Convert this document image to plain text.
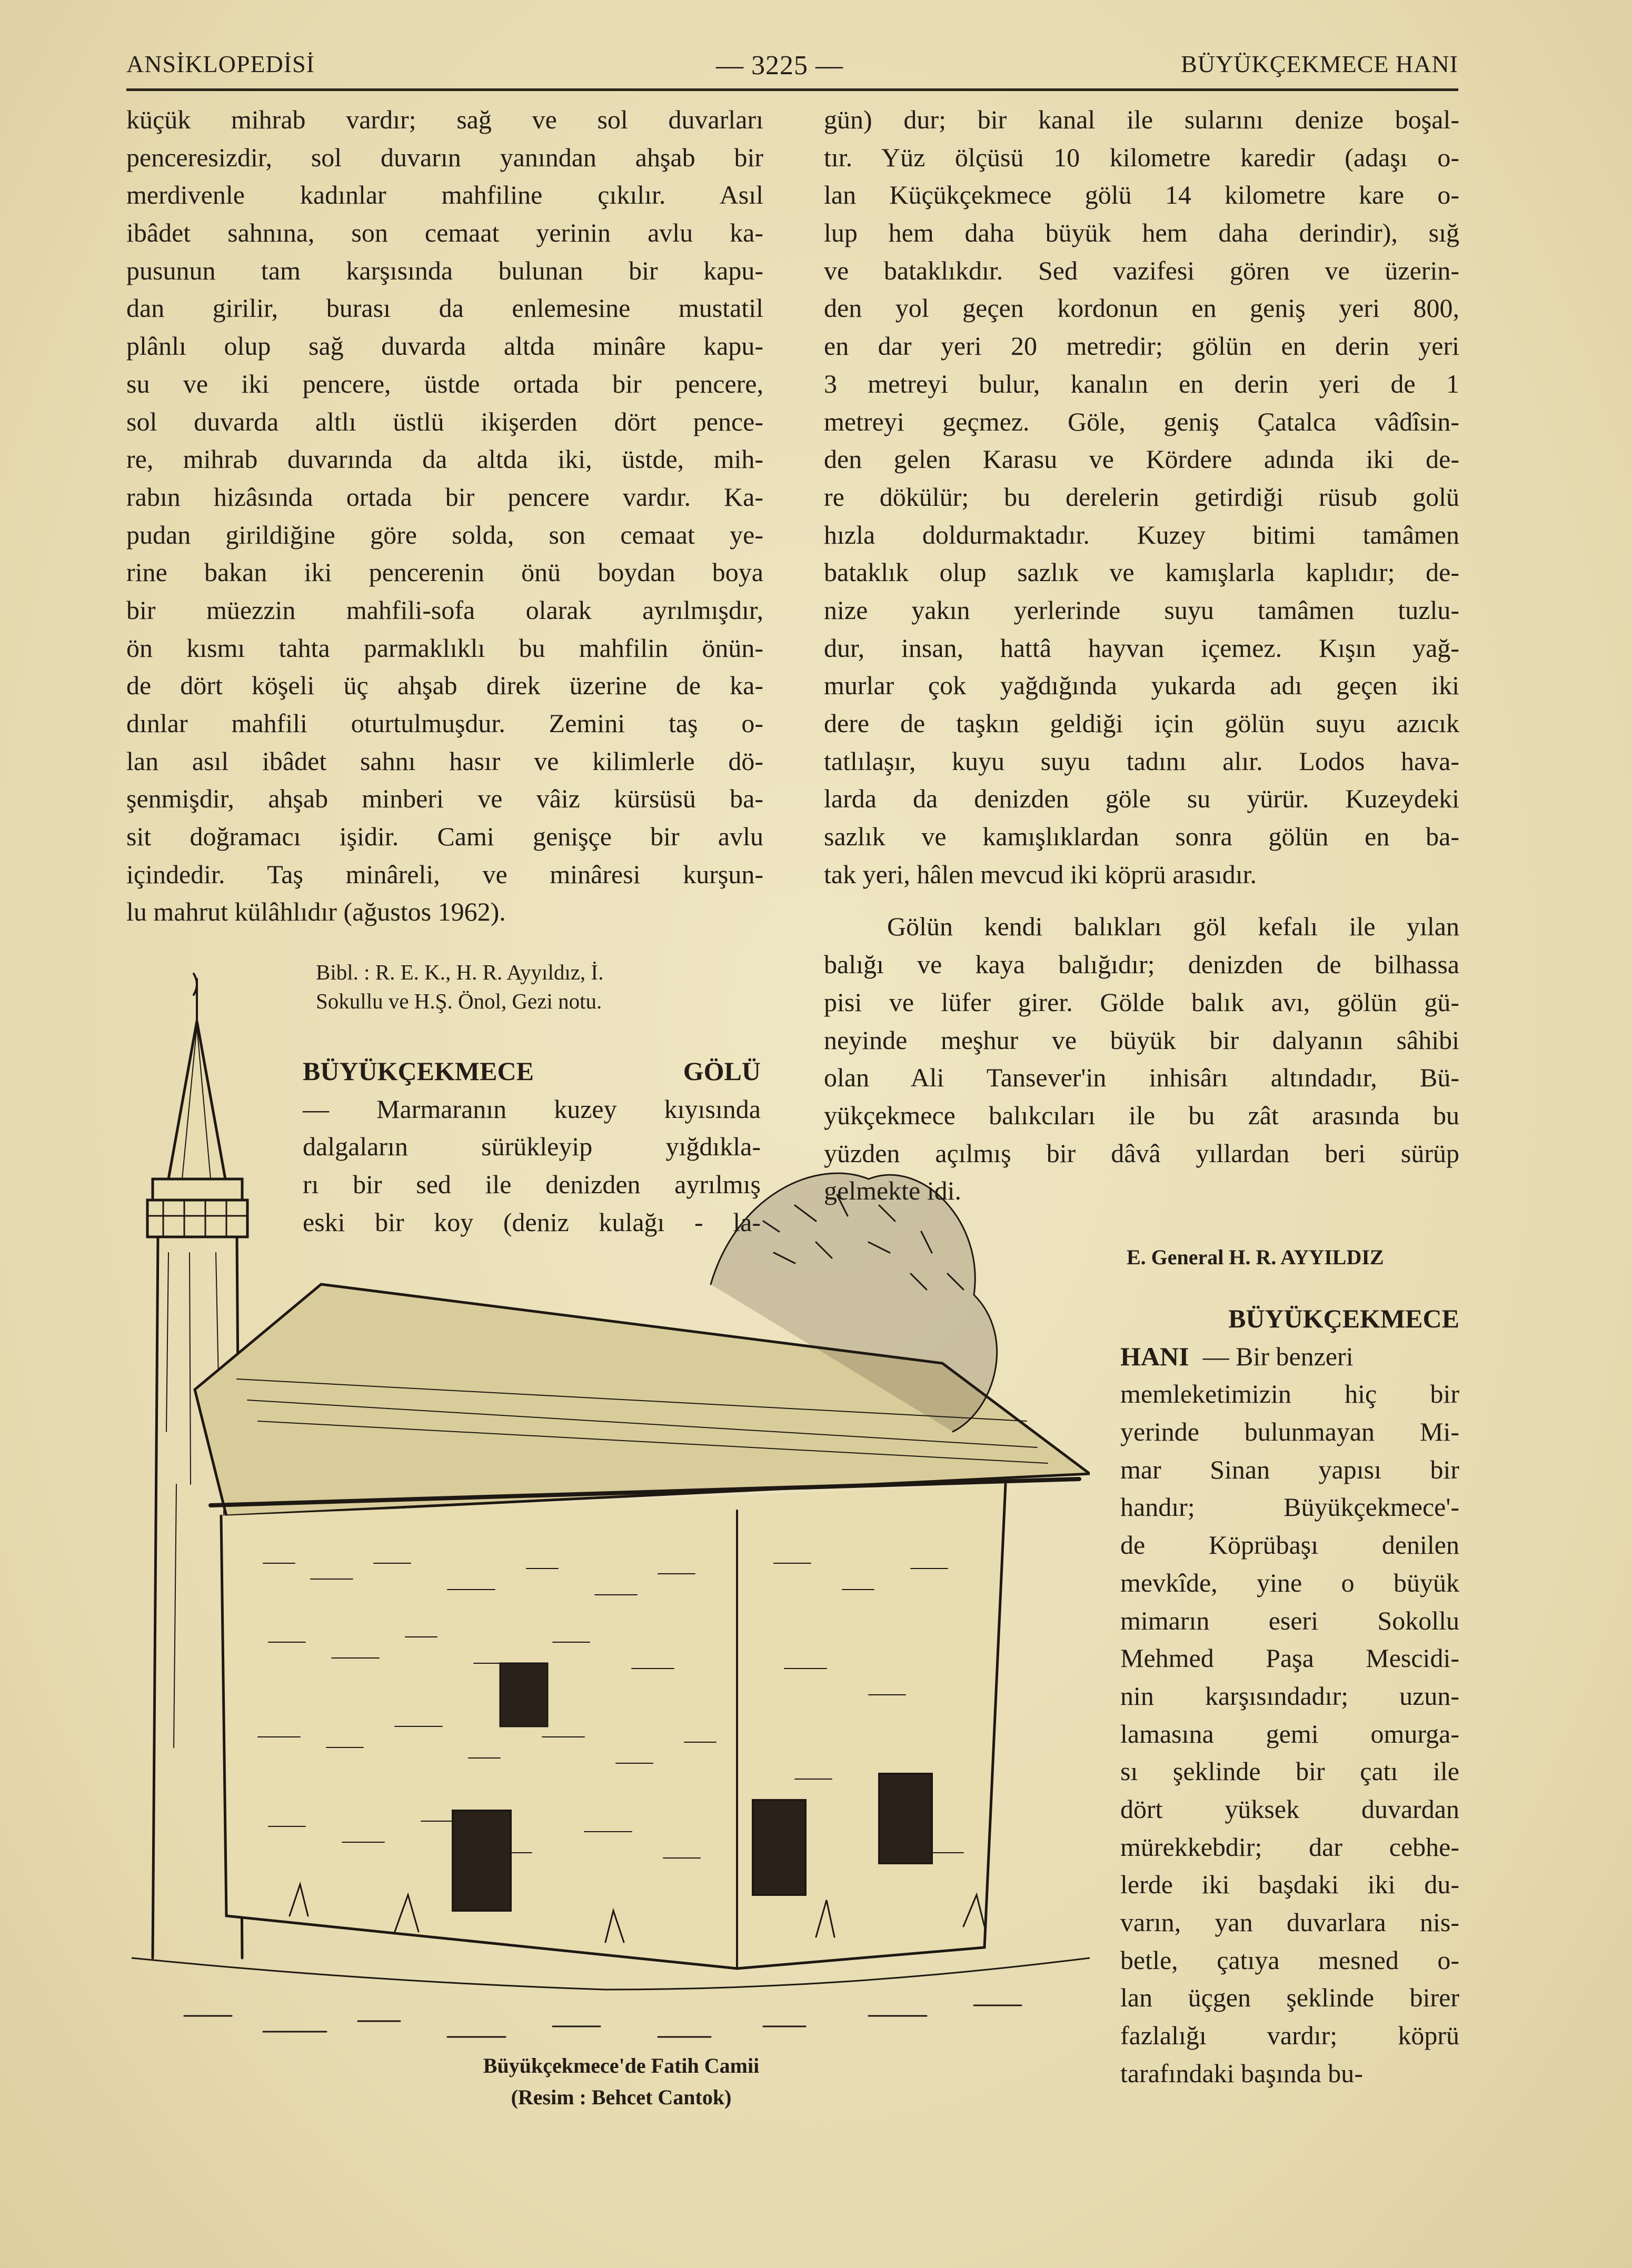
ANSİKLOPEDİSİ	— 3225 —	BÜYÜKÇEKMECE HANI
küçük mihrab vardır; sağ ve sol duvarları
penceresizdir, sol duvarın yanından ahşab bir
merdivenle kadınlar mahfiline çıkılır. Asıl
ibâdet sahnına, son cemaat yerinin avlu ka-
pusunun tam karşısında bulunan bir kapu-
dan girilir, burası da enlemesine mustatil
plânlı olup sağ duvarda altda minâre kapu-
su ve iki pencere, üstde ortada bir pencere,
sol duvarda altlı üstlü ikişerden dört pence-
re, mihrab duvarında da altda iki, üstde, mih-
rabın hizâsında ortada bir pencere vardır. Ka-
pudan girildiğine göre solda, son cemaat ye-
rine bakan iki pencerenin önü boydan boya
bir müezzin mahfili-sofa olarak ayrılmışdır,
ön kısmı tahta parmaklıklı bu mahfilin önün-
de dört köşeli üç ahşab direk üzerine de ka-
dınlar mahfili oturtulmuşdur. Zemini taş o-
lan asıl ibâdet sahnı hasır ve kilimlerle dö-
şenmişdir, ahşab minberi ve vâiz kürsüsü ba-
sit doğramacı işidir. Cami genişçe bir avlu
içindedir. Taş minâreli, ve minâresi kurşun-
lu mahrut külâhlıdır (ağustos 1962).
Bibl. : R. E. K., H. R. Ayyıldız, İ.
Sokullu ve H.Ş. Önol, Gezi notu.
BÜYÜKÇEKMECE GÖLÜ
— Marmaranın kuzey kıyısında
dalgaların sürükleyip yığdıkla-
rı bir sed ile denizden ayrılmış
eski bir koy (deniz kulağı - la-
gün) dur; bir kanal ile sularını denize boşal-
tır. Yüz ölçüsü 10 kilometre karedir (adaşı o-
lan Küçükçekmece gölü 14 kilometre kare o-
lup hem daha büyük hem daha derindir), sığ
ve bataklıkdır. Sed vazifesi gören ve üzerin-
den yol geçen kordonun en geniş yeri 800,
en dar yeri 20 metredir; gölün en derin yeri
3 metreyi bulur, kanalın en derin yeri de 1
metreyi geçmez. Göle, geniş Çatalca vâdîsin-
den gelen Karasu ve Kördere adında iki de-
re dökülür; bu derelerin getirdiği rüsub golü
hızla doldurmaktadır. Kuzey bitimi tamâmen
bataklık olup sazlık ve kamışlarla kaplıdır; de-
nize yakın yerlerinde suyu tamâmen tuzlu-
dur, insan, hattâ hayvan içemez. Kışın yağ-
murlar çok yağdığında yukarda adı geçen iki
dere de taşkın geldiği için gölün suyu azıcık
tatlılaşır, kuyu suyu tadını alır. Lodos hava-
larda da denizden göle su yürür. Kuzeydeki
sazlık ve kamışlıklardan sonra gölün en ba-
tak yeri, hâlen mevcud iki köprü arasıdır.
Gölün kendi balıkları göl kefalı ile yılan
balığı ve kaya balığıdır; denizden de bilhassa
pisi ve lüfer girer. Gölde balık avı, gölün gü-
neyinde meşhur ve büyük bir dalyanın sâhibi
olan Ali Tansever'in inhisârı altındadır, Bü-
yükçekmece balıkcıları ile bu zât arasında bu
yüzden açılmış bir dâvâ yıllardan beri sürüp
gelmekte idi.
E. General H. R. AYYILDIZ
BÜYÜKÇEKMECE
HANI — Bir benzeri
memleketimizin hiç bir
yerinde bulunmayan Mi-
mar Sinan yapısı bir
handır; Büyükçekmece'-
de Köprübaşı denilen
mevkîde, yine o büyük
mimarın eseri Sokollu
Mehmed Paşa Mescidi-
nin karşısındadır; uzun-
lamasına gemi omurga-
sı şeklinde bir çatı ile
dört yüksek duvardan
mürekkebdir; dar cebhe-
lerde iki başdaki iki du-
varın, yan duvarlara nis-
betle, çatıya mesned o-
lan üçgen şeklinde birer
fazlalığı vardır; köprü
tarafındaki başında bu-
Büyükçekmece'de Fatih Camii
(Resim : Behcet Cantok)
